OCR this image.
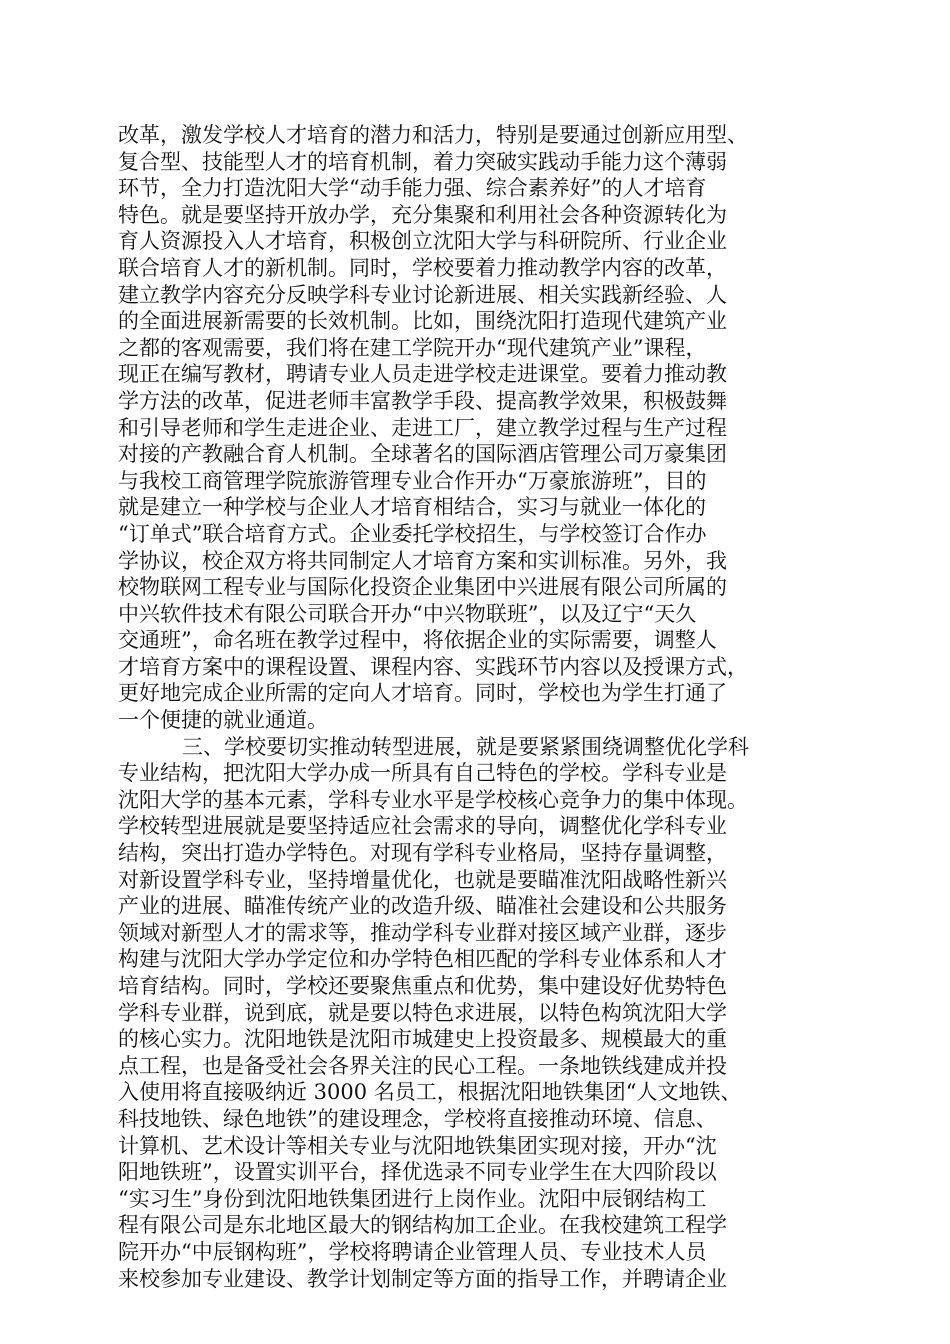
改革，激发学校人才培育的潜力和活力，特别是要通过创新应用型、
复合型、技能型人才的培育机制，着力突破实践动手能力这个薄弱
环节，全力打造沈阳大学“动手能力强、综合素养好”的人才培育
特色。就是要坚持开放办学，充分集聚和利用社会各种资源转化为
育人资源投入人才培育，积极创立沈阳大学与科研院所、行业企业
联合培育人才的新机制。同时，学校要着力推动教学内容的改革，
建立教学内容充分反映学科专业讨论新进展、相关实践新经验、人
的全面进展新需要的长效机制。比如，围绕沈阳打造现代建筑产业
之都的客观需要，我们将在建工学院开办“现代建筑产业”课程，
现正在编写教材，聘请专业人员走进学校走进课堂。要着力推动教
学方法的改革，促进老师丰富教学手段、提高教学效果，积极鼓舞
和引导老师和学生走进企业、走进工厂，建立教学过程与生产过程
对接的产教融合育人机制。全球著名的国际酒店管理公司万豪集团
与我校工商管理学院旅游管理专业合作开办“万豪旅游班”，目的
就是建立一种学校与企业人才培育相结合，实习与就业一体化的
“订单式”联合培育方式。企业委托学校招生，与学校签订合作办
学协议，校企双方将共同制定人才培育方案和实训标准。另外，我
校物联网工程专业与国际化投资企业集团中兴进展有限公司所属的
中兴软件技术有限公司联合开办“中兴物联班”，以及辽宁“天久
交通班”，命名班在教学过程中，将依据企业的实际需要，调整人
才培育方案中的课程设置、课程内容、实践环节内容以及授课方式，
更好地完成企业所需的定向人才培育。同时，学校也为学生打通了
一个便捷的就业通道。
三、学校要切实推动转型进展，就是要紧紧围绕调整优化学科
专业结构，把沈阳大学办成一所具有自己特色的学校。学科专业是
沈阳大学的基本元素，学科专业水平是学校核心竞争力的集中体现。
学校转型进展就是要坚持适应社会需求的导向，调整优化学科专业
结构，突出打造办学特色。对现有学科专业格局，坚持存量调整，
对新设置学科专业，坚持增量优化，也就是要瞄准沈阳战略性新兴
产业的进展、瞄准传统产业的改造升级、瞄准社会建设和公共服务
领域对新型人才的需求等，推动学科专业群对接区域产业群，逐步
构建与沈阳大学办学定位和办学特色相匹配的学科专业体系和人才
培育结构。同时，学校还要聚焦重点和优势，集中建设好优势特色
学科专业群，说到底，就是要以特色求进展，以特色构筑沈阳大学
的核心实力。沈阳地铁是沈阳市城建史上投资最多、规模最大的重
点工程，也是备受社会各界关注的民心工程。一条地铁线建成并投
入使用将直接吸纳近 3000 名员工，根据沈阳地铁集团“人文地铁、
科技地铁、绿色地铁”的建设理念，学校将直接推动环境、信息、
计算机、艺术设计等相关专业与沈阳地铁集团实现对接，开办“沈
阳地铁班”，设置实训平台，择优选录不同专业学生在大四阶段以
“实习生”身份到沈阳地铁集团进行上岗作业。沈阳中辰钢结构工
程有限公司是东北地区最大的钢结构加工企业。在我校建筑工程学
院开办“中辰钢构班”，学校将聘请企业管理人员、专业技术人员
来校参加专业建设、教学计划制定等方面的指导工作，并聘请企业
